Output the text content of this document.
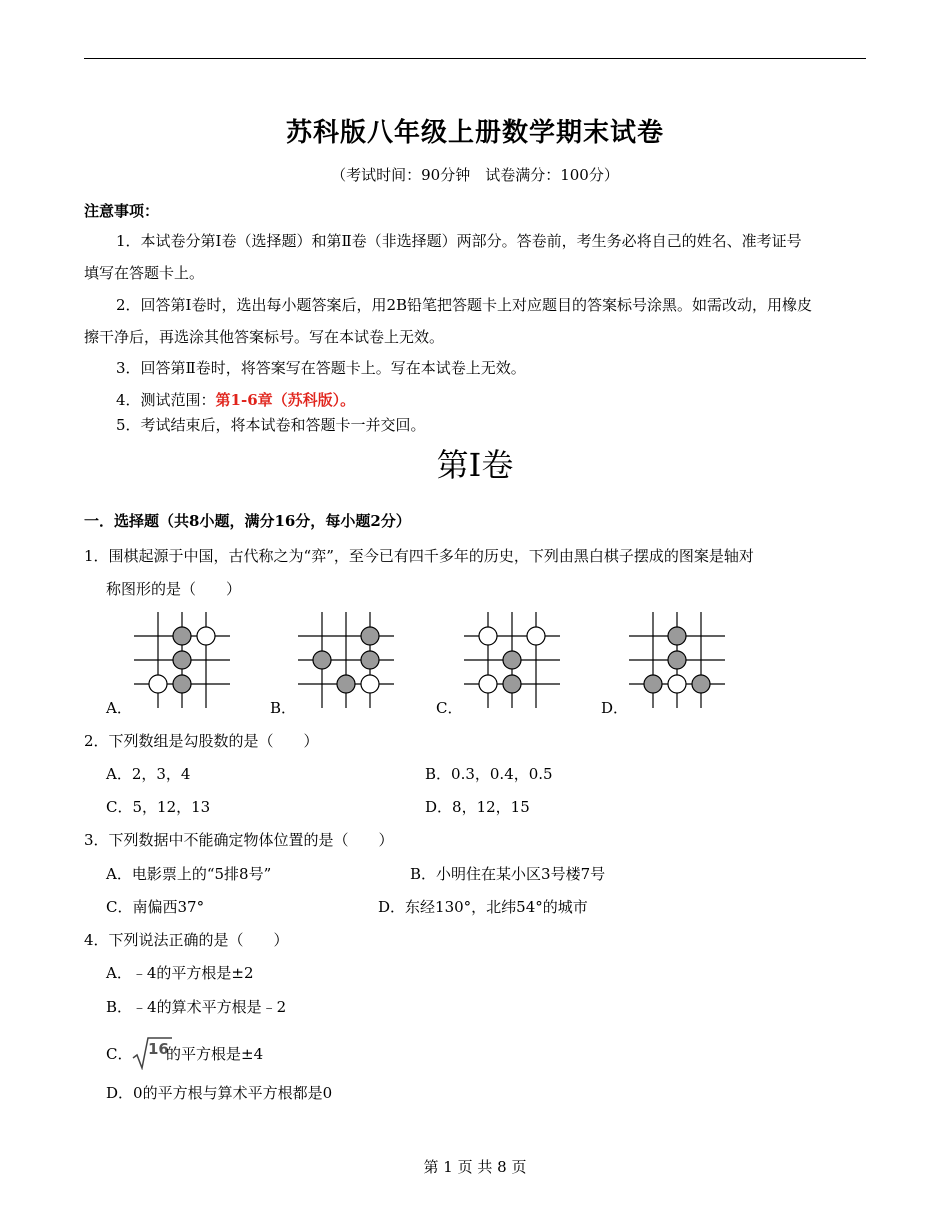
苏科版八年级上册数学期末试卷
（考试时间：90分钟　试卷满分：100分）
注意事项：
1．本试卷分第Ⅰ卷（选择题）和第Ⅱ卷（非选择题）两部分。答卷前，考生务必将自己的姓名、准考证号
填写在答题卡上。
2．回答第Ⅰ卷时，选出每小题答案后，用2B铅笔把答题卡上对应题目的答案标号涂黑。如需改动，用橡皮
擦干净后，再选涂其他答案标号。写在本试卷上无效。
3．回答第Ⅱ卷时，将答案写在答题卡上。写在本试卷上无效。
4．测试范围：第1-6章（苏科版）。
5．考试结束后，将本试卷和答题卡一并交回。
第Ⅰ卷
一．选择题（共8小题，满分16分，每小题2分）
1．围棋起源于中国，古代称之为“弈”，至今已有四千多年的历史，下列由黑白棋子摆成的图案是轴对
称图形的是（　　）
A．	B．	C．	D．
2．下列数组是勾股数的是（　　）
A．2，3，4	B．0.3，0.4，0.5
C．5，12，13	D．8，12，15
3．下列数据中不能确定物体位置的是（　　）
A．电影票上的“5排8号”	B．小明住在某小区3号楼7号
C．南偏西37°	D．东经130°，北纬54°的城市
4．下列说法正确的是（　　）
A．﹣4的平方根是±2
B．﹣4的算术平方根是﹣2
C． 16
的平方根是±4
D．0的平方根与算术平方根都是0
第 1 页 共 8 页
